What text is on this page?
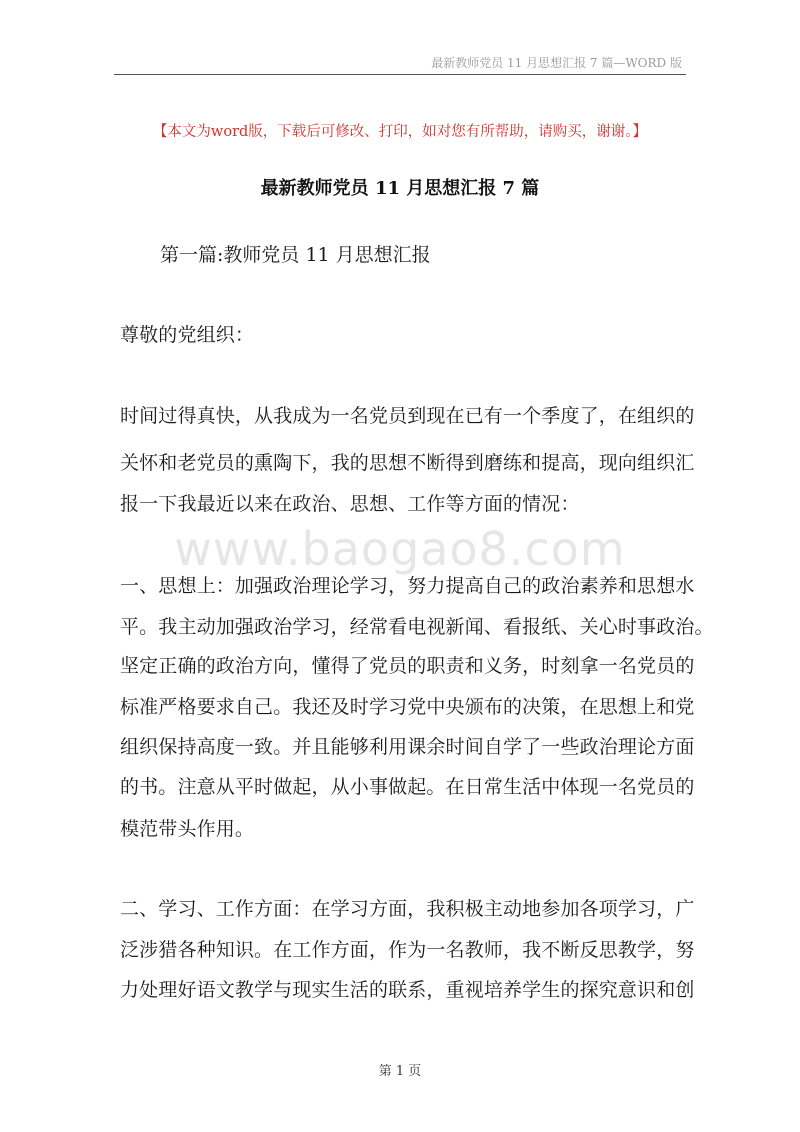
最新教师党员 11 月思想汇报 7 篇—WORD 版
【本文为word版，下载后可修改、打印，如对您有所帮助，请购买，谢谢。】
最新教师党员 11 月思想汇报 7 篇
第一篇:教师党员 11 月思想汇报
尊敬的党组织：
时间过得真快，从我成为一名党员到现在已有一个季度了，在组织的
关怀和老党员的熏陶下，我的思想不断得到磨练和提高，现向组织汇
报一下我最近以来在政治、思想、工作等方面的情况：
www.baogao8.com
一、思想上：加强政治理论学习，努力提高自己的政治素养和思想水
平。我主动加强政治学习，经常看电视新闻、看报纸、关心时事政治。
坚定正确的政治方向，懂得了党员的职责和义务，时刻拿一名党员的
标准严格要求自己。我还及时学习党中央颁布的决策，在思想上和党
组织保持高度一致。并且能够利用课余时间自学了一些政治理论方面
的书。注意从平时做起，从小事做起。在日常生活中体现一名党员的
模范带头作用。
二、学习、工作方面：在学习方面，我积极主动地参加各项学习，广
泛涉猎各种知识。在工作方面，作为一名教师，我不断反思教学，努
力处理好语文教学与现实生活的联系，重视培养学生的探究意识和创
第 1 页
